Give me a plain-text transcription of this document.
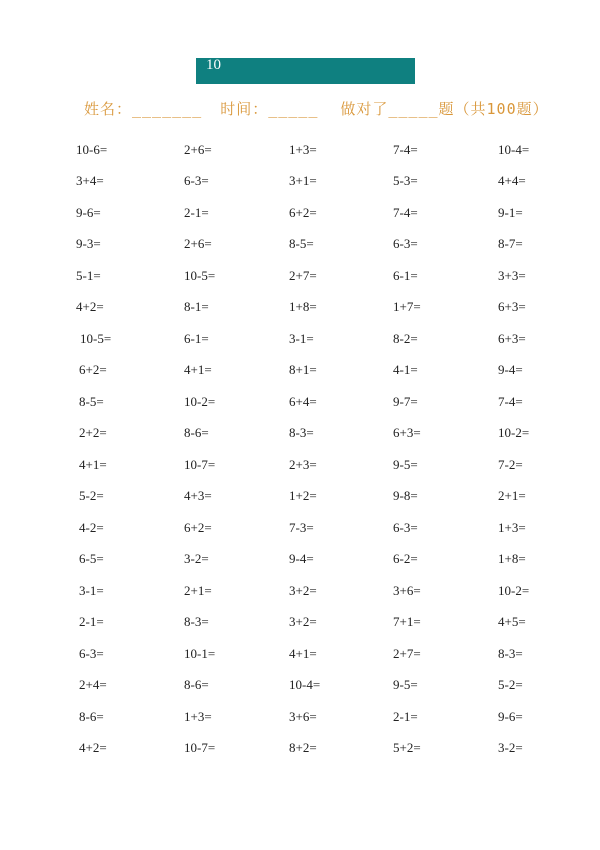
10
姓名：_______ 时间：_____ 做对了_____题（共100题）
10-6=	2+6=	1+3=	7-4=	10-4=
3+4=	6-3=	3+1=	5-3=	4+4=
9-6=	2-1=	6+2=	7-4=	9-1=
9-3=	2+6=	8-5=	6-3=	8-7=
5-1=	10-5=	2+7=	6-1=	3+3=
4+2=	8-1=	1+8=	1+7=	6+3=
10-5=	6-1=	3-1=	8-2=	6+3=
6+2=	4+1=	8+1=	4-1=	9-4=
8-5=	10-2=	6+4=	9-7=	7-4=
2+2=	8-6=	8-3=	6+3=	10-2=
4+1=	10-7=	2+3=	9-5=	7-2=
5-2=	4+3=	1+2=	9-8=	2+1=
4-2=	6+2=	7-3=	6-3=	1+3=
6-5=	3-2=	9-4=	6-2=	1+8=
3-1=	2+1=	3+2=	3+6=	10-2=
2-1=	8-3=	3+2=	7+1=	4+5=
6-3=	10-1=	4+1=	2+7=	8-3=
2+4=	8-6=	10-4=	9-5=	5-2=
8-6=	1+3=	3+6=	2-1=	9-6=
4+2=	10-7=	8+2=	5+2=	3-2=
